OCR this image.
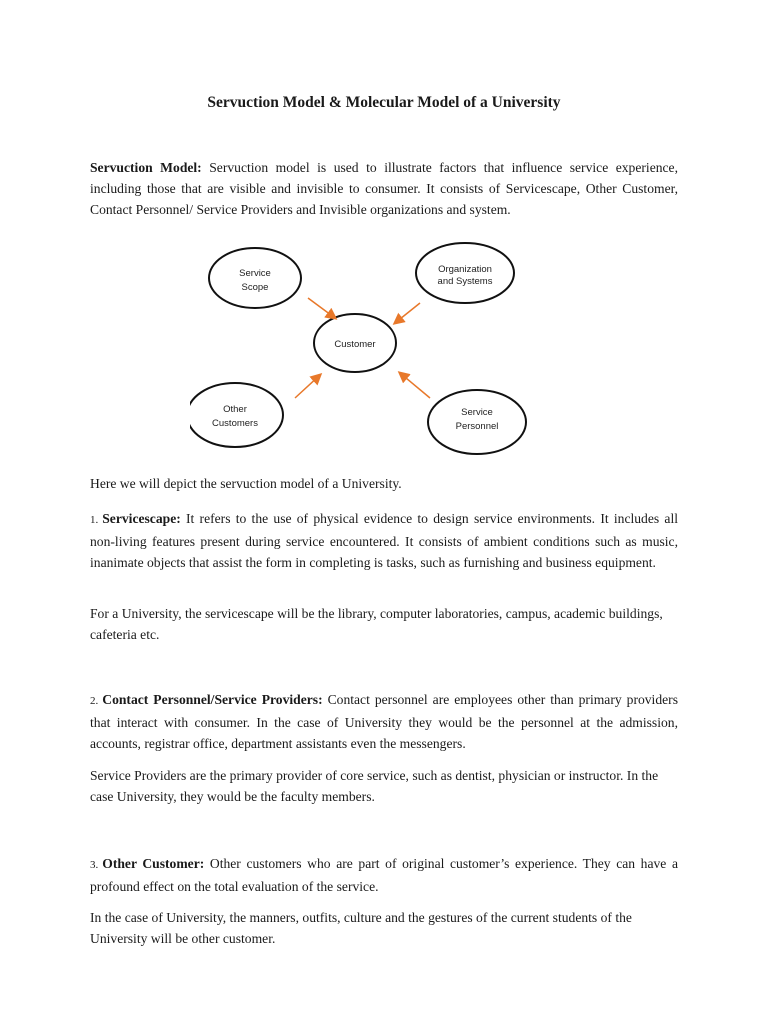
Servuction Model & Molecular Model of a University

Servuction Model: Servuction model is used to illustrate factors that influence service experience, including those that are visible and invisible to consumer. It consists of Servicescape, Other Customer, Contact Personnel/ Service Providers and Invisible organizations and system.

Service
Scope
Organization
and Systems
Customer
Other
Customers
Service
Personnel

Here we will depict the servuction model of a University.

1. Servicescape: It refers to the use of physical evidence to design service environments. It includes all non-living features present during service encountered. It consists of ambient conditions such as music, inanimate objects that assist the form in completing is tasks, such as furnishing and business equipment.

For a University, the servicescape will be the library, computer laboratories, campus, academic buildings, cafeteria etc.

2. Contact Personnel/Service Providers: Contact personnel are employees other than primary providers that interact with consumer. In the case of University they would be the personnel at the admission, accounts, registrar office, department assistants even the messengers.

Service Providers are the primary provider of core service, such as dentist, physician or instructor. In the case University, they would be the faculty members.

3. Other Customer: Other customers who are part of original customer’s experience. They can have a profound effect on the total evaluation of the service.

In the case of University, the manners, outfits, culture and the gestures of the current students of the University will be other customer.
